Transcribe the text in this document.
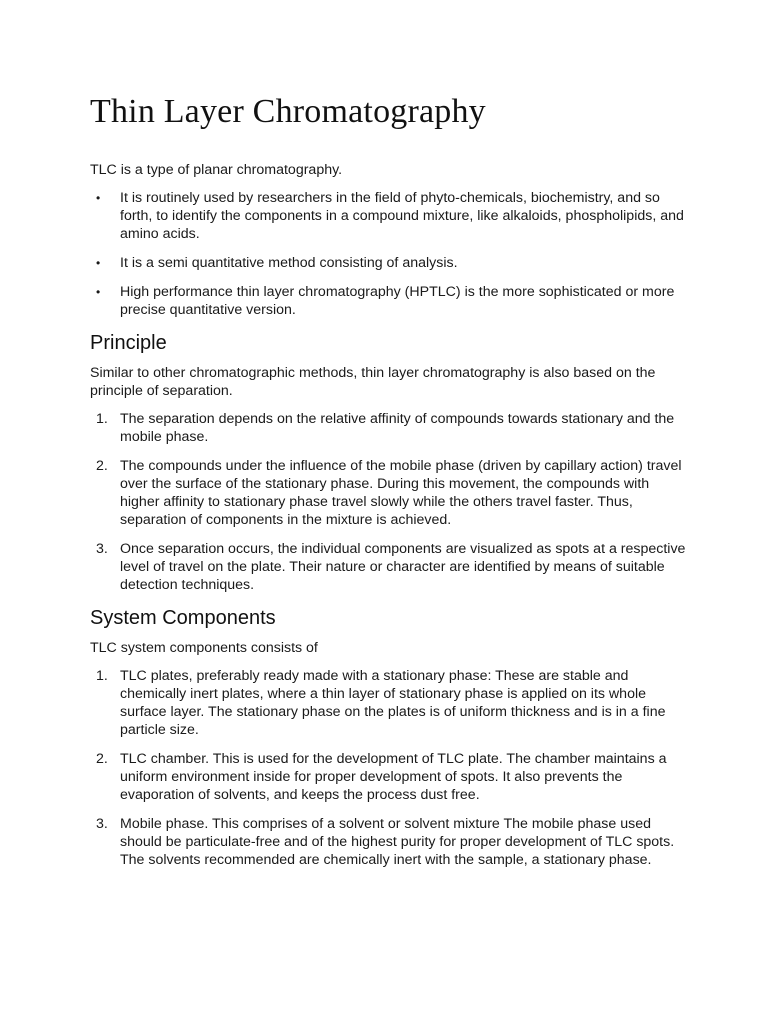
Thin Layer Chromatography

TLC is a type of planar chromatography.

•	It is routinely used by researchers in the field of phyto-chemicals, biochemistry, and so forth, to identify the components in a compound mixture, like alkaloids, phospholipids, and amino acids.
•	It is a semi quantitative method consisting of analysis.
•	High performance thin layer chromatography (HPTLC) is the more sophisticated or more precise quantitative version.
Principle

Similar to other chromatographic methods, thin layer chromatography is also based on the principle of separation.

1. The separation depends on the relative affinity of compounds towards stationary and the mobile phase.
2. The compounds under the influence of the mobile phase (driven by capillary action) travel over the surface of the stationary phase. During this movement, the compounds with higher affinity to stationary phase travel slowly while the others travel faster. Thus, separation of components in the mixture is achieved.
3. Once separation occurs, the individual components are visualized as spots at a respective level of travel on the plate. Their nature or character are identified by means of suitable detection techniques.
System Components

TLC system components consists of

1. TLC plates, preferably ready made with a stationary phase: These are stable and chemically inert plates, where a thin layer of stationary phase is applied on its whole surface layer. The stationary phase on the plates is of uniform thickness and is in a fine particle size.
2. TLC chamber. This is used for the development of TLC plate. The chamber maintains a uniform environment inside for proper development of spots. It also prevents the evaporation of solvents, and keeps the process dust free.
3. Mobile phase. This comprises of a solvent or solvent mixture The mobile phase used should be particulate-free and of the highest purity for proper development of TLC spots. The solvents recommended are chemically inert with the sample, a stationary phase.
